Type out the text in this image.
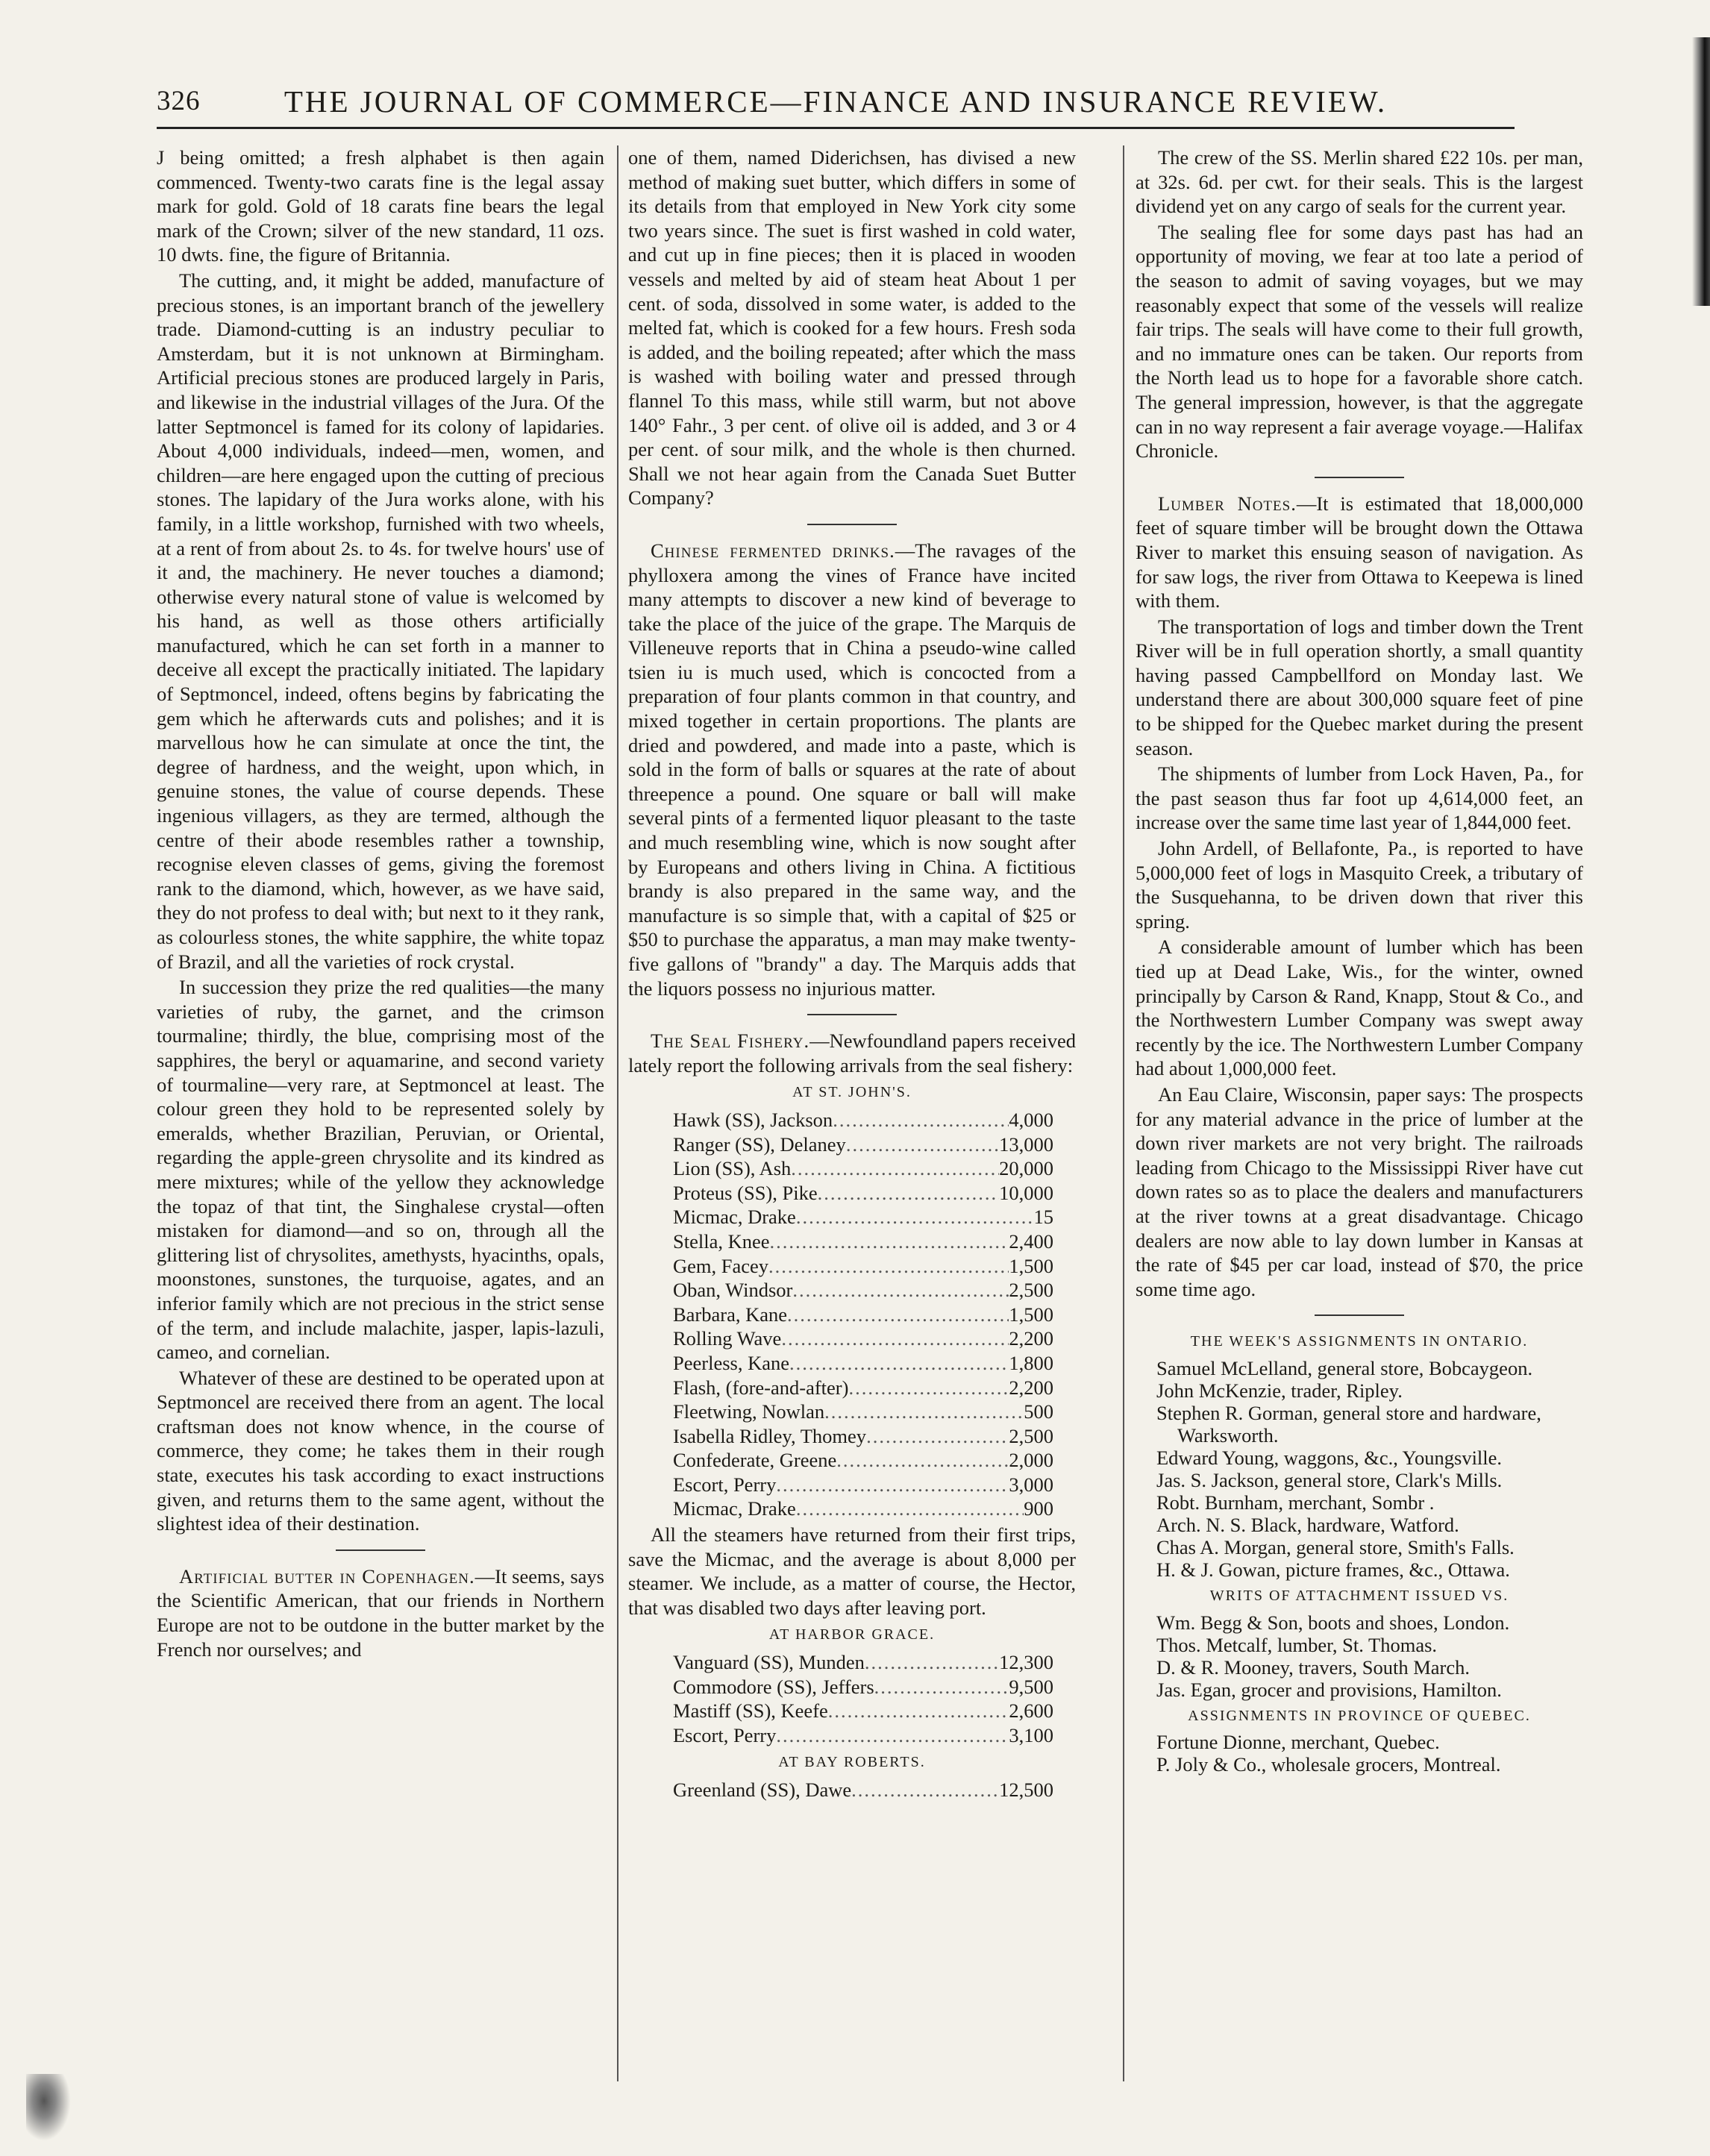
326	THE JOURNAL OF COMMERCE—FINANCE AND INSURANCE REVIEW.

J being omitted; a fresh alphabet is then again commenced. Twenty-two carats fine is the legal assay mark for gold. Gold of 18 carats fine bears the legal mark of the Crown; silver of the new standard, 11 ozs. 10 dwts. fine, the figure of Britannia.

The cutting, and, it might be added, manufacture of precious stones, is an important branch of the jewellery trade. Diamond-cutting is an industry peculiar to Amsterdam, but it is not unknown at Birmingham. Artificial precious stones are produced largely in Paris, and likewise in the industrial villages of the Jura. Of the latter Septmoncel is famed for its colony of lapidaries. About 4,000 individuals, indeed—men, women, and children—are here engaged upon the cutting of precious stones. The lapidary of the Jura works alone, with his family, in a little workshop, furnished with two wheels, at a rent of from about 2s. to 4s. for twelve hours' use of it and, the machinery. He never touches a diamond; otherwise every natural stone of value is welcomed by his hand, as well as those others artificially manufactured, which he can set forth in a manner to deceive all except the practically initiated. The lapidary of Septmoncel, indeed, oftens begins by fabricating the gem which he afterwards cuts and polishes; and it is marvellous how he can simulate at once the tint, the degree of hardness, and the weight, upon which, in genuine stones, the value of course depends. These ingenious villagers, as they are termed, although the centre of their abode resembles rather a township, recognise eleven classes of gems, giving the foremost rank to the diamond, which, however, as we have said, they do not profess to deal with; but next to it they rank, as colourless stones, the white sapphire, the white topaz of Brazil, and all the varieties of rock crystal.

In succession they prize the red qualities—the many varieties of ruby, the garnet, and the crimson tourmaline; thirdly, the blue, comprising most of the sapphires, the beryl or aquamarine, and second variety of tourmaline—very rare, at Septmoncel at least. The colour green they hold to be represented solely by emeralds, whether Brazilian, Peruvian, or Oriental, regarding the apple-green chrysolite and its kindred as mere mixtures; while of the yellow they acknowledge the topaz of that tint, the Singhalese crystal—often mistaken for diamond—and so on, through all the glittering list of chrysolites, amethysts, hyacinths, opals, moonstones, sunstones, the turquoise, agates, and an inferior family which are not precious in the strict sense of the term, and include malachite, jasper, lapis-lazuli, cameo, and cornelian.

Whatever of these are destined to be operated upon at Septmoncel are received there from an agent. The local craftsman does not know whence, in the course of commerce, they come; he takes them in their rough state, executes his task according to exact instructions given, and returns them to the same agent, without the slightest idea of their destination.

Artificial butter in Copenhagen.—It seems, says the Scientific American, that our friends in Northern Europe are not to be outdone in the butter market by the French nor ourselves; and

one of them, named Diderichsen, has divised a new method of making suet butter, which differs in some of its details from that employed in New York city some two years since. The suet is first washed in cold water, and cut up in fine pieces; then it is placed in wooden vessels and melted by aid of steam heat About 1 per cent. of soda, dissolved in some water, is added to the melted fat, which is cooked for a few hours. Fresh soda is added, and the boiling repeated; after which the mass is washed with boiling water and pressed through flannel To this mass, while still warm, but not above 140° Fahr., 3 per cent. of olive oil is added, and 3 or 4 per cent. of sour milk, and the whole is then churned. Shall we not hear again from the Canada Suet Butter Company?

Chinese fermented drinks.—The ravages of the phylloxera among the vines of France have incited many attempts to discover a new kind of beverage to take the place of the juice of the grape. The Marquis de Villeneuve reports that in China a pseudo-wine called tsien iu is much used, which is concocted from a preparation of four plants common in that country, and mixed together in certain proportions. The plants are dried and powdered, and made into a paste, which is sold in the form of balls or squares at the rate of about threepence a pound. One square or ball will make several pints of a fermented liquor pleasant to the taste and much resembling wine, which is now sought after by Europeans and others living in China. A fictitious brandy is also prepared in the same way, and the manufacture is so simple that, with a capital of $25 or $50 to purchase the apparatus, a man may make twenty-five gallons of "brandy" a day. The Marquis adds that the liquors possess no injurious matter.

The Seal Fishery.—Newfoundland papers received lately report the following arrivals from the seal fishery:

AT ST. JOHN'S.
Hawk (SS), Jackson .....	4,000
Ranger (SS), Delaney .....	13,000
Lion (SS), Ash .....	20,000
Proteus (SS), Pike .....	10,000
Micmac, Drake .....	15
Stella, Knee .....	2,400
Gem, Facey .....	1,500
Oban, Windsor .....	2,500
Barbara, Kane .....	1,500
Rolling Wave .....	2,200
Peerless, Kane .....	1,800
Flash, (fore-and-after) .....	2,200
Fleetwing, Nowlan .....	500
Isabella Ridley, Thomey .....	2,500
Confederate, Greene .....	2,000
Escort, Perry .....	3,000
Micmac, Drake .....	900

All the steamers have returned from their first trips, save the Micmac, and the average is about 8,000 per steamer. We include, as a matter of course, the Hector, that was disabled two days after leaving port.

AT HARBOR GRACE.
Vanguard (SS), Munden .....	12,300
Commodore (SS), Jeffers .....	9,500
Mastiff (SS), Keefe .....	2,600
Escort, Perry .....	3,100
AT BAY ROBERTS.
Greenland (SS), Dawe .....	12,500

The crew of the SS. Merlin shared £22 10s. per man, at 32s. 6d. per cwt. for their seals. This is the largest dividend yet on any cargo of seals for the current year.

The sealing flee for some days past has had an opportunity of moving, we fear at too late a period of the season to admit of saving voyages, but we may reasonably expect that some of the vessels will realize fair trips. The seals will have come to their full growth, and no immature ones can be taken. Our reports from the North lead us to hope for a favorable shore catch. The general impression, however, is that the aggregate can in no way represent a fair average voyage.—Halifax Chronicle.

Lumber Notes.—It is estimated that 18,000,000 feet of square timber will be brought down the Ottawa River to market this ensuing season of navigation. As for saw logs, the river from Ottawa to Keepewa is lined with them.

The transportation of logs and timber down the Trent River will be in full operation shortly, a small quantity having passed Campbellford on Monday last. We understand there are about 300,000 square feet of pine to be shipped for the Quebec market during the present season.

The shipments of lumber from Lock Haven, Pa., for the past season thus far foot up 4,614,000 feet, an increase over the same time last year of 1,844,000 feet.

John Ardell, of Bellafonte, Pa., is reported to have 5,000,000 feet of logs in Masquito Creek, a tributary of the Susquehanna, to be driven down that river this spring.

A considerable amount of lumber which has been tied up at Dead Lake, Wis., for the winter, owned principally by Carson & Rand, Knapp, Stout & Co., and the Northwestern Lumber Company was swept away recently by the ice. The Northwestern Lumber Company had about 1,000,000 feet.

An Eau Claire, Wisconsin, paper says: The prospects for any material advance in the price of lumber at the down river markets are not very bright. The railroads leading from Chicago to the Mississippi River have cut down rates so as to place the dealers and manufacturers at the river towns at a great disadvantage. Chicago dealers are now able to lay down lumber in Kansas at the rate of $45 per car load, instead of $70, the price some time ago.

THE WEEK'S ASSIGNMENTS IN ONTARIO.
Samuel McLelland, general store, Bobcaygeon.
John McKenzie, trader, Ripley.
Stephen R. Gorman, general store and hardware, Warksworth.
Edward Young, waggons, &c., Youngsville.
Jas. S. Jackson, general store, Clark's Mills.
Robt. Burnham, merchant, Sombr .
Arch. N. S. Black, hardware, Watford.
Chas A. Morgan, general store, Smith's Falls.
H. & J. Gowan, picture frames, &c., Ottawa.
WRITS OF ATTACHMENT ISSUED VS.
Wm. Begg & Son, boots and shoes, London.
Thos. Metcalf, lumber, St. Thomas.
D. & R. Mooney, travers, South March.
Jas. Egan, grocer and provisions, Hamilton.
ASSIGNMENTS IN PROVINCE OF QUEBEC.
Fortune Dionne, merchant, Quebec.
P. Joly & Co., wholesale grocers, Montreal.
